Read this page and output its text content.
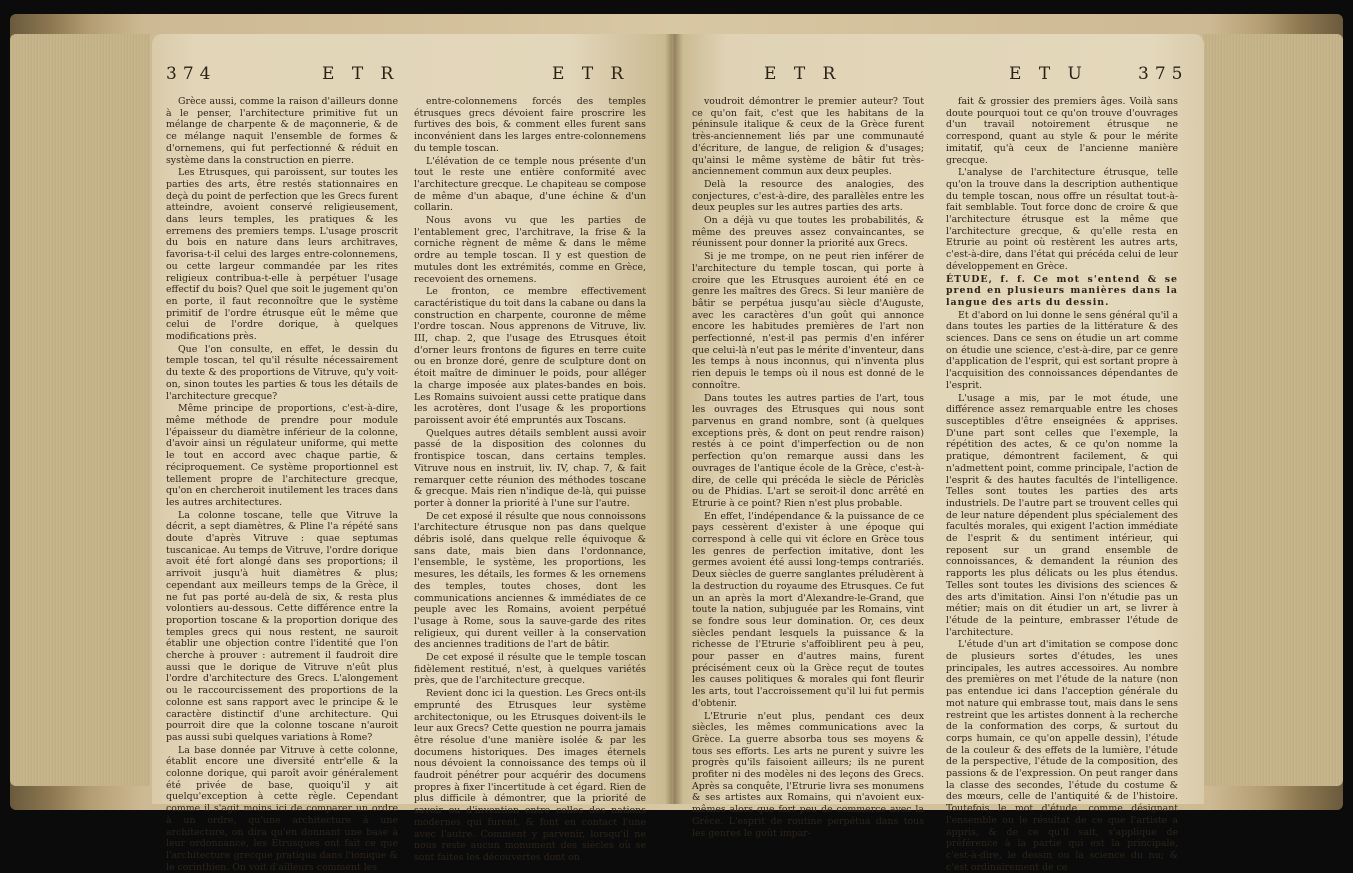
374	E T R	E T R

Grèce aussi, comme la raison d'ailleurs donne à le penser, l'architecture primitive fut un mélange de charpente & de maçonnerie, & de ce mélange naquit l'ensemble de formes & d'ornemens, qui fut perfectionné & réduit en système dans la construction en pierre.

Les Etrusques, qui paroissent, sur toutes les parties des arts, être restés stationnaires en deçà du point de perfection que les Grecs furent atteindre, avoient conservé religieusement, dans leurs temples, les pratiques & les erremens des premiers temps. L'usage proscrit du bois en nature dans leurs architraves, favorisa-t-il celui des larges entre-colonnemens, ou cette largeur commandée par les rites religieux contribua-t-elle à perpétuer l'usage effectif du bois? Quel que soit le jugement qu'on en porte, il faut reconnoître que le système primitif de l'ordre étrusque eût le même que celui de l'ordre dorique, à quelques modifications près.

Que l'on consulte, en effet, le dessin du temple toscan, tel qu'il résulte nécessairement du texte & des proportions de Vitruve, qu'y voit-on, sinon toutes les parties & tous les détails de l'architecture grecque?

Même principe de proportions, c'est-à-dire, même méthode de prendre pour module l'épaisseur du diamètre inférieur de la colonne, d'avoir ainsi un régulateur uniforme, qui mette le tout en accord avec chaque partie, & réciproquement. Ce système proportionnel est tellement propre de l'architecture grecque, qu'on en chercheroit inutilement les traces dans les autres architectures.

La colonne toscane, telle que Vitruve la décrit, a sept diamètres, & Pline l'a répété sans doute d'après Vitruve : quae septumas tuscanicae. Au temps de Vitruve, l'ordre dorique avoit été fort alongé dans ses proportions; il arrivoit jusqu'à huit diamètres & plus; cependant aux meilleurs temps de la Grèce, il ne fut pas porté au-delà de six, & resta plus volontiers au-dessous. Cette différence entre la proportion toscane & la proportion dorique des temples grecs qui nous restent, ne sauroit établir une objection contre l'identité que l'on cherche à prouver : autrement il faudroit dire aussi que le dorique de Vitruve n'eût plus l'ordre d'architecture des Grecs. L'alongement ou le raccourcissement des proportions de la colonne est sans rapport avec le principe & le caractère distinctif d'une architecture. Qui pourroit dire que la colonne toscane n'auroit pas aussi subi quelques variations à Rome?

La base donnée par Vitruve à cette colonne, établit encore une diversité entr'elle & la colonne dorique, qui paroît avoir généralement été privée de base, quoiqu'il y ait quelqu'exception à cette règle. Cependant comme il s'agit moins ici de comparer un ordre à un ordre, qu'une architecture à une architecture, on dira qu'en donnant une base à leur ordonnance, les Etrusques ont fait ce que l'architecture grecque pratiqua dans l'ionique & le corinthien. On voit d'ailleurs comment les

entre-colonnemens forcés des temples étrusques grecs dévoient faire proscrire les furtives des bois, & comment elles furent sans inconvénient dans les larges entre-colonnemens du temple toscan.

L'élévation de ce temple nous présente d'un tout le reste une entière conformité avec l'architecture grecque. Le chapiteau se compose de même d'un abaque, d'une échine & d'un collarin.

Nous avons vu que les parties de l'entablement grec, l'architrave, la frise & la corniche règnent de même & dans le même ordre au temple toscan. Il y est question de mutules dont les extrémités, comme en Grèce, recevoient des ornemens.

Le fronton, ce membre effectivement caractéristique du toit dans la cabane ou dans la construction en charpente, couronne de même l'ordre toscan. Nous apprenons de Vitruve, liv. III, chap. 2, que l'usage des Etrusques étoit d'orner leurs frontons de figures en terre cuite ou en bronze doré, genre de sculpture dont on étoit maître de diminuer le poids, pour alléger la charge imposée aux plates-bandes en bois. Les Romains suivoient aussi cette pratique dans les acrotères, dont l'usage & les proportions paroissent avoir été empruntés aux Toscans.

Quelques autres détails semblent aussi avoir passé de la disposition des colonnes du frontispice toscan, dans certains temples. Vitruve nous en instruit, liv. IV, chap. 7, & fait remarquer cette réunion des méthodes toscane & grecque. Mais rien n'indique de-là, qui puisse porter à donner la priorité à l'une sur l'autre.

De cet exposé il résulte que nous connoissons l'architecture étrusque non pas dans quelque débris isolé, dans quelque relle équivoque & sans date, mais bien dans l'ordonnance, l'ensemble, le système, les proportions, les mesures, les détails, les formes & les ornemens des temples, toutes choses, dont les communications anciennes & immédiates de ce peuple avec les Romains, avoient perpétué l'usage à Rome, sous la sauve-garde des rites religieux, qui durent veiller à la conservation des anciennes traditions de l'art de bâtir.

De cet exposé il résulte que le temple toscan fidèlement restitué, n'est, à quelques variétés près, que de l'architecture grecque.

Revient donc ici la question. Les Grecs ont-ils emprunté des Etrusques leur système architectonique, ou les Etrusques doivent-ils le leur aux Grecs? Cette question ne pourra jamais être résolue d'une manière isolée & par les documens historiques. Des images éternels nous dévoient la connoissance des temps où il faudroit pénétrer pour acquérir des documens propres à fixer l'incertitude à cet égard. Rien de plus difficile à démontrer, que la priorité de savoir ou d'invention entre celles des nations modernes qui furent, & font en contact l'une avec l'autre. Comment y parvenir, lorsqu'il ne nous reste aucun monument des siècles où se sont faites les découvertes dont on

E T R	E T U	375

voudroit démontrer le premier auteur? Tout ce qu'on fait, c'est que les habitans de la péninsule italique & ceux de la Grèce furent très-anciennement liés par une communauté d'écriture, de langue, de religion & d'usages; qu'ainsi le même système de bâtir fut très-anciennement commun aux deux peuples.

Delà la resource des analogies, des conjectures, c'est-à-dire, des parallèles entre les deux peuples sur les autres parties des arts.

On a déjà vu que toutes les probabilités, & même des preuves assez convaincantes, se réunissent pour donner la priorité aux Grecs.

Si je me trompe, on ne peut rien inférer de l'architecture du temple toscan, qui porte à croire que les Etrusques auroient été en ce genre les maîtres des Grecs. Si leur manière de bâtir se perpétua jusqu'au siècle d'Auguste, avec les caractères d'un goût qui annonce encore les habitudes premières de l'art non perfectionné, n'est-il pas permis d'en inférer que celui-là n'eut pas le mérite d'inventeur, dans les temps à nous inconnus, qui n'inventa plus rien depuis le temps où il nous est donné de le connoître.

Dans toutes les autres parties de l'art, tous les ouvrages des Etrusques qui nous sont parvenus en grand nombre, sont (à quelques exceptions près, & dont on peut rendre raison) restés à ce point d'imperfection ou de non perfection qu'on remarque aussi dans les ouvrages de l'antique école de la Grèce, c'est-à-dire, de celle qui précéda le siècle de Périclès ou de Phidias. L'art se seroit-il donc arrêté en Etrurie à ce point? Rien n'est plus probable.

En effet, l'indépendance & la puissance de ce pays cessèrent d'exister à une époque qui correspond à celle qui vit éclore en Grèce tous les genres de perfection imitative, dont les germes avoient été aussi long-temps contrariés. Deux siècles de guerre sanglantes préludèrent à la destruction du royaume des Etrusques. Ce fut un an après la mort d'Alexandre-le-Grand, que toute la nation, subjuguée par les Romains, vint se fondre sous leur domination. Or, ces deux siècles pendant lesquels la puissance & la richesse de l'Etrurie s'affoiblirent peu à peu, pour passer en d'autres mains, furent précisément ceux où la Grèce reçut de toutes les causes politiques & morales qui font fleurir les arts, tout l'accroissement qu'il lui fut permis d'obtenir.

L'Etrurie n'eut plus, pendant ces deux siècles, les mêmes communications avec la Grèce. La guerre absorba tous ses moyens & tous ses efforts. Les arts ne purent y suivre les progrès qu'ils faisoient ailleurs; ils ne purent profiter ni des modèles ni des leçons des Grecs. Après sa conquête, l'Etrurie livra ses monumens & ses artistes aux Romains, qui n'avoient eux-mêmes alors que fort peu de commerce avec la Grèce. L'esprit de routine perpétua dans tous les genres le goût impar-

fait & grossier des premiers âges. Voilà sans doute pourquoi tout ce qu'on trouve d'ouvrages d'un travail notoirement étrusque ne correspond, quant au style & pour le mérite imitatif, qu'à ceux de l'ancienne manière grecque.

L'analyse de l'architecture étrusque, telle qu'on la trouve dans la description authentique du temple toscan, nous offre un résultat tout-à-fait semblable. Tout force donc de croire & que l'architecture étrusque est la même que l'architecture grecque, & qu'elle resta en Etrurie au point où restèrent les autres arts, c'est-à-dire, dans l'état qui précéda celui de leur développement en Grèce.

ÉTUDE, f. f. Ce mot s'entend & se prend en plusieurs manières dans la langue des arts du dessin.

Et d'abord on lui donne le sens général qu'il a dans toutes les parties de la littérature & des sciences. Dans ce sens on étudie un art comme on étudie une science, c'est-à-dire, par ce genre d'application de l'esprit, qui est sortant propre à l'acquisition des connoissances dépendantes de l'esprit.

L'usage a mis, par le mot étude, une différence assez remarquable entre les choses susceptibles d'être enseignées & apprises. D'une part sont celles que l'exemple, la répétition des actes, & ce qu'on nomme la pratique, démontrent facilement, & qui n'admettent point, comme principale, l'action de l'esprit & des hautes facultés de l'intelligence. Telles sont toutes les parties des arts industriels. De l'autre part se trouvent celles qui de leur nature dépendent plus spécialement des facultés morales, qui exigent l'action immédiate de l'esprit & du sentiment intérieur, qui reposent sur un grand ensemble de connoissances, & demandent la réunion des rapports les plus délicats ou les plus étendus. Telles sont toutes les divisions des sciences & des arts d'imitation. Ainsi l'on n'étudie pas un métier; mais on dit étudier un art, se livrer à l'étude de la peinture, embrasser l'étude de l'architecture.

L'étude d'un art d'imitation se compose donc de plusieurs sortes d'études, les unes principales, les autres accessoires. Au nombre des premières on met l'étude de la nature (non pas entendue ici dans l'acception générale du mot nature qui embrasse tout, mais dans le sens restreint que les artistes donnent à la recherche de la conformation des corps, & surtout du corps humain, ce qu'on appelle dessin), l'étude de la couleur & des effets de la lumière, l'étude de la perspective, l'étude de la composition, des passions & de l'expression. On peut ranger dans la classe des secondes, l'étude du costume & des mœurs, celle de l'antiquité & de l'histoire. Toutefois le mot d'étude, comme désignant l'ensemble ou le résultat de ce que l'artiste a appris, & de ce qu'il sait, s'applique de préférence à la partie qui est la principale, c'est-à-dire, le dessin ou la science du nu; & c'est ordinairement de ce
